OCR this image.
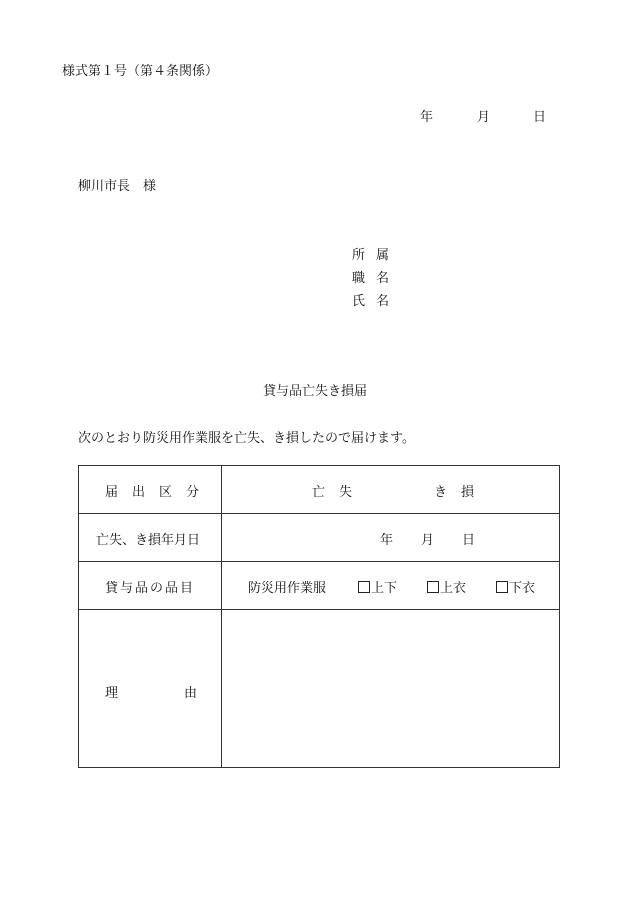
様式第１号（第４条関係）
年	月	日
柳川市長　様
所属
職名
氏名
貸与品亡失き損届
次のとおり防災用作業服を亡失、き損したので届けます。
届出区分	亡失 き損

亡失、き損年月日	年 月 日

貸与品の品目	防災用作業服 上下 上衣 下衣

理由	
